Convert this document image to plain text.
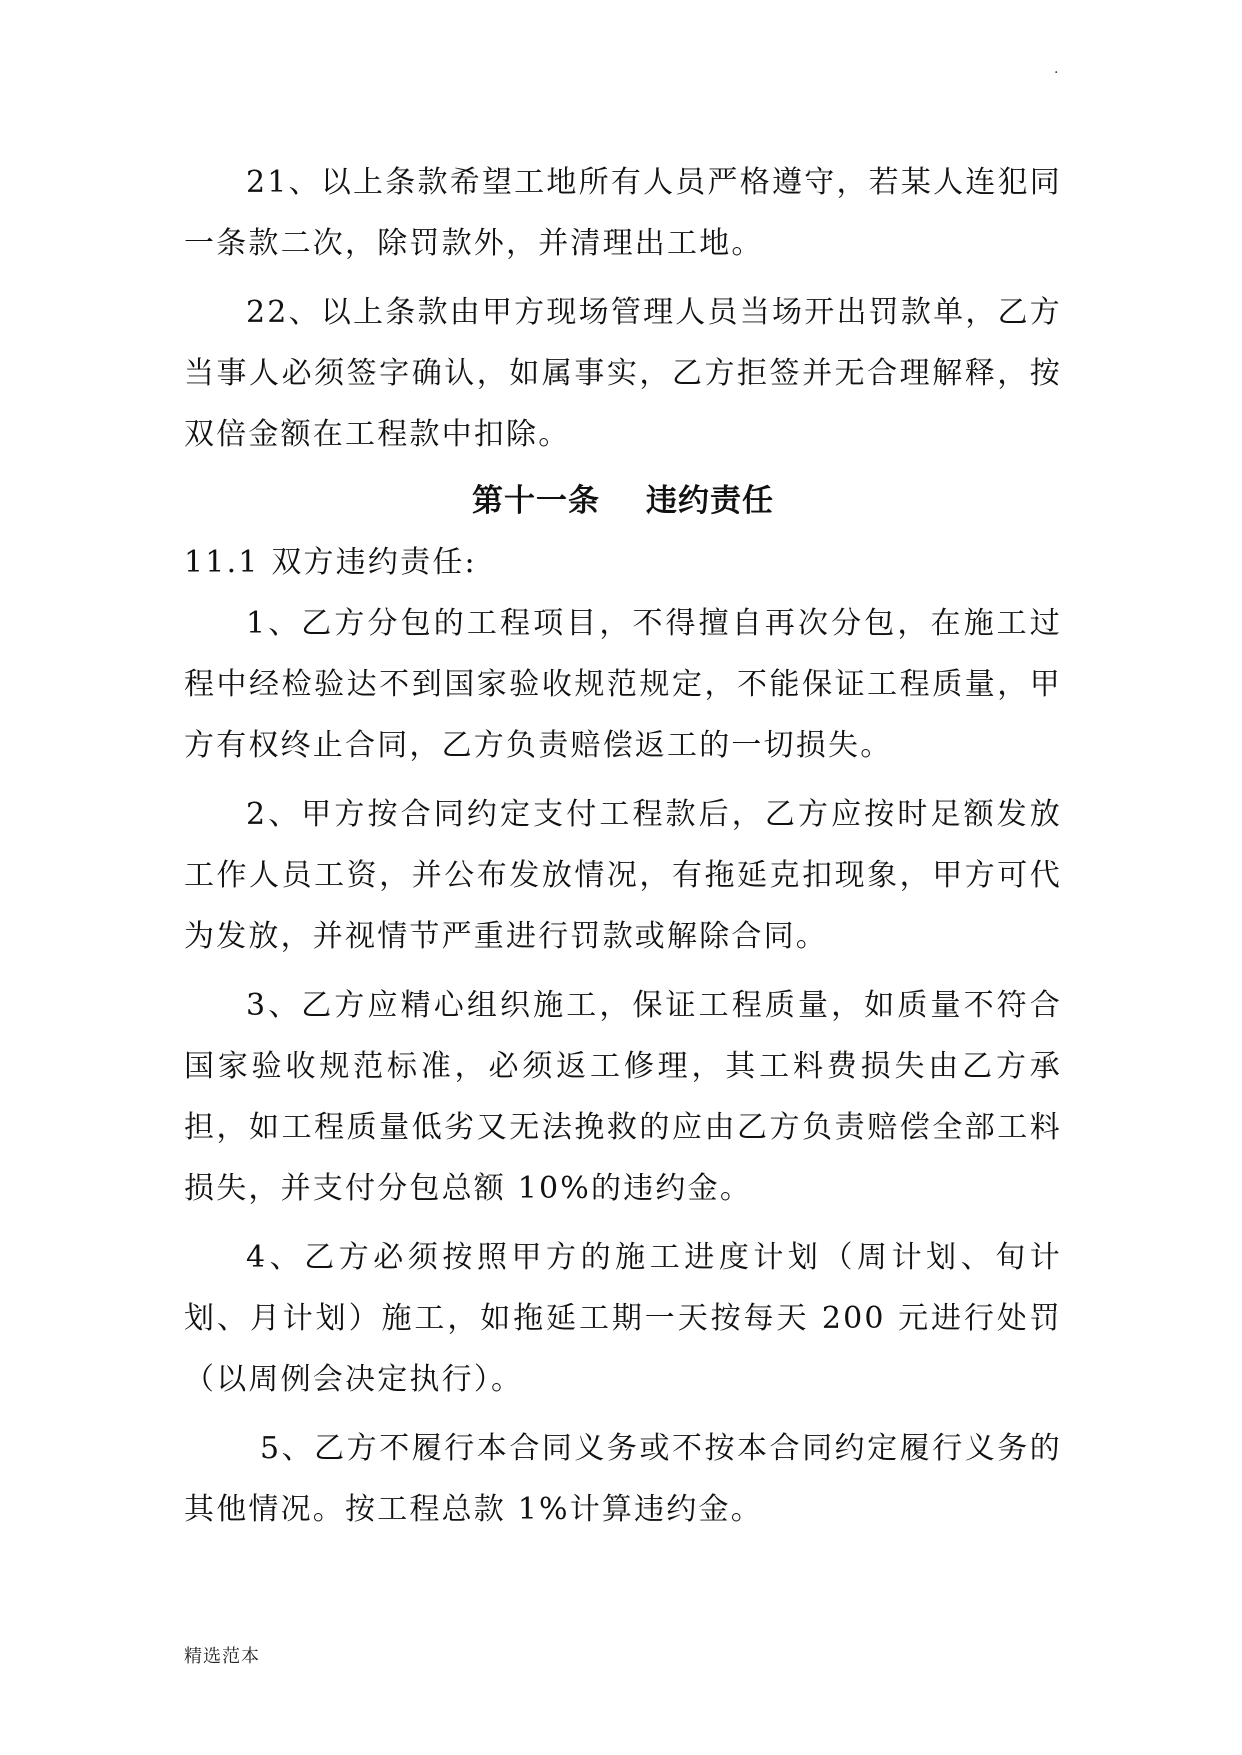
.

21、以上条款希望工地所有人员严格遵守，若某人连犯同一条款二次，除罚款外，并清理出工地。

22、以上条款由甲方现场管理人员当场开出罚款单，乙方当事人必须签字确认，如属事实，乙方拒签并无合理解释，按双倍金额在工程款中扣除。

第十一条 违约责任

11.1 双方违约责任:

1、乙方分包的工程项目，不得擅自再次分包，在施工过程中经检验达不到国家验收规范规定，不能保证工程质量，甲方有权终止合同，乙方负责赔偿返工的一切损失。

2、甲方按合同约定支付工程款后，乙方应按时足额发放工作人员工资，并公布发放情况，有拖延克扣现象，甲方可代为发放，并视情节严重进行罚款或解除合同。

3、乙方应精心组织施工，保证工程质量，如质量不符合国家验收规范标准，必须返工修理，其工料费损失由乙方承担，如工程质量低劣又无法挽救的应由乙方负责赔偿全部工料损失，并支付分包总额 10%的违约金。

4、乙方必须按照甲方的施工进度计划（周计划、旬计划、月计划）施工，如拖延工期一天按每天 200 元进行处罚（以周例会决定执行）。

5、乙方不履行本合同义务或不按本合同约定履行义务的其他情况。按工程总款 1%计算违约金。

精选范本
